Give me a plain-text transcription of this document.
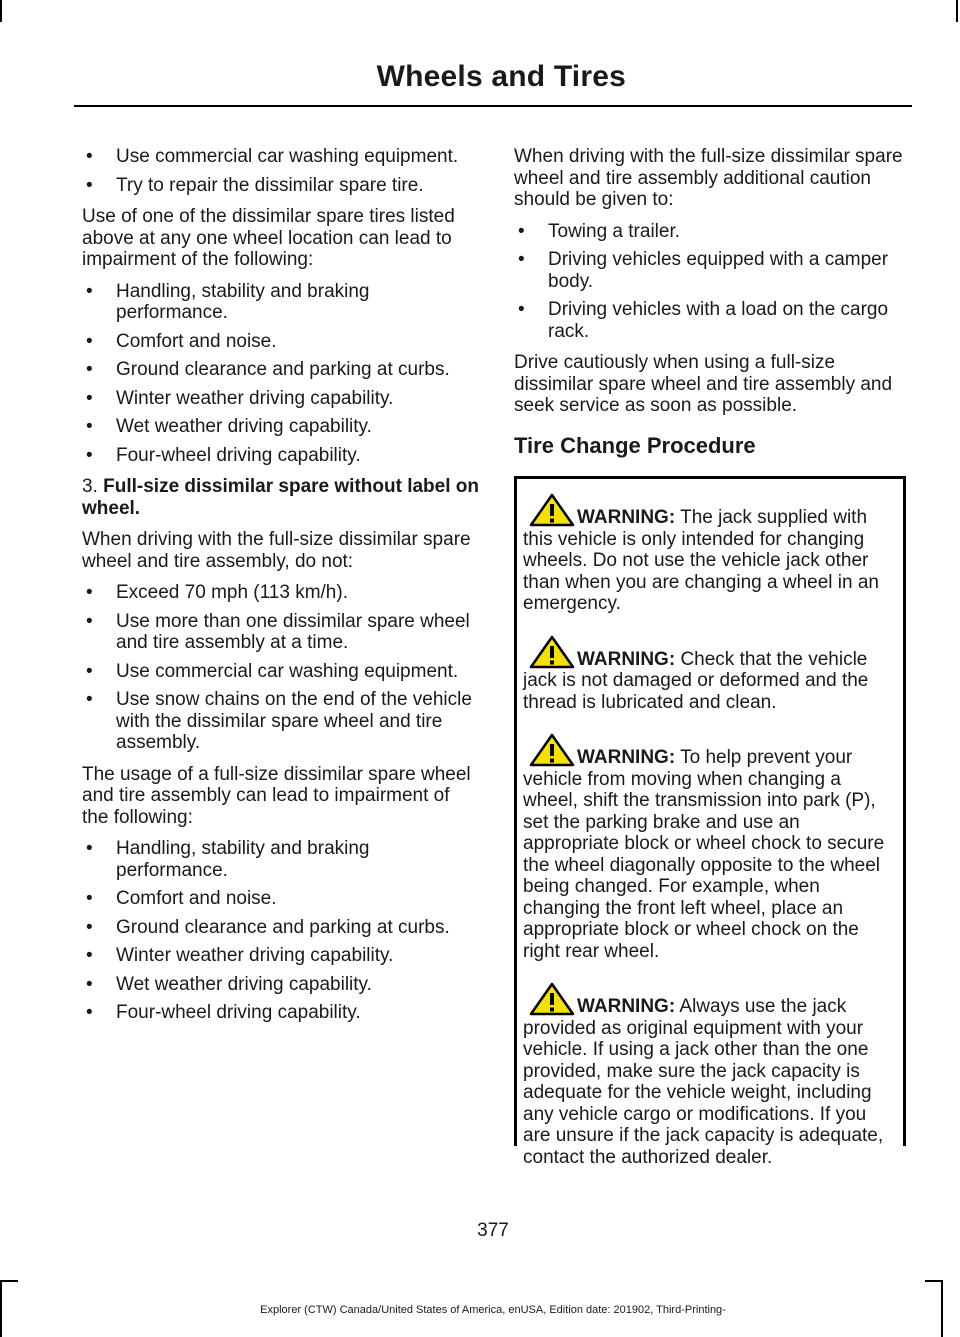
Wheels and Tires
• Use commercial car washing equipment.
• Try to repair the dissimilar spare tire.

Use of one of the dissimilar spare tires listed above at any one wheel location can lead to impairment of the following:

• Handling, stability and braking performance.
• Comfort and noise.
• Ground clearance and parking at curbs.
• Winter weather driving capability.
• Wet weather driving capability.
• Four-wheel driving capability.

3. Full-size dissimilar spare without label on wheel.

When driving with the full-size dissimilar spare wheel and tire assembly, do not:

• Exceed 70 mph (113 km/h).
• Use more than one dissimilar spare wheel and tire assembly at a time.
• Use commercial car washing equipment.
• Use snow chains on the end of the vehicle with the dissimilar spare wheel and tire assembly.

The usage of a full-size dissimilar spare wheel and tire assembly can lead to impairment of the following:

• Handling, stability and braking performance.
• Comfort and noise.
• Ground clearance and parking at curbs.
• Winter weather driving capability.
• Wet weather driving capability.
• Four-wheel driving capability.

When driving with the full-size dissimilar spare wheel and tire assembly additional caution should be given to:

• Towing a trailer.
• Driving vehicles equipped with a camper body.
• Driving vehicles with a load on the cargo rack.

Drive cautiously when using a full-size dissimilar spare wheel and tire assembly and seek service as soon as possible.

Tire Change Procedure

WARNING: The jack supplied with this vehicle is only intended for changing wheels. Do not use the vehicle jack other than when you are changing a wheel in an emergency.

WARNING: Check that the vehicle jack is not damaged or deformed and the thread is lubricated and clean.

WARNING: To help prevent your vehicle from moving when changing a wheel, shift the transmission into park (P), set the parking brake and use an appropriate block or wheel chock to secure the wheel diagonally opposite to the wheel being changed. For example, when changing the front left wheel, place an appropriate block or wheel chock on the right rear wheel.

WARNING: Always use the jack provided as original equipment with your vehicle. If using a jack other than the one provided, make sure the jack capacity is adequate for the vehicle weight, including any vehicle cargo or modifications. If you are unsure if the jack capacity is adequate, contact the authorized dealer.

377
Explorer (CTW) Canada/United States of America, enUSA, Edition date: 201902, Third-Printing-
